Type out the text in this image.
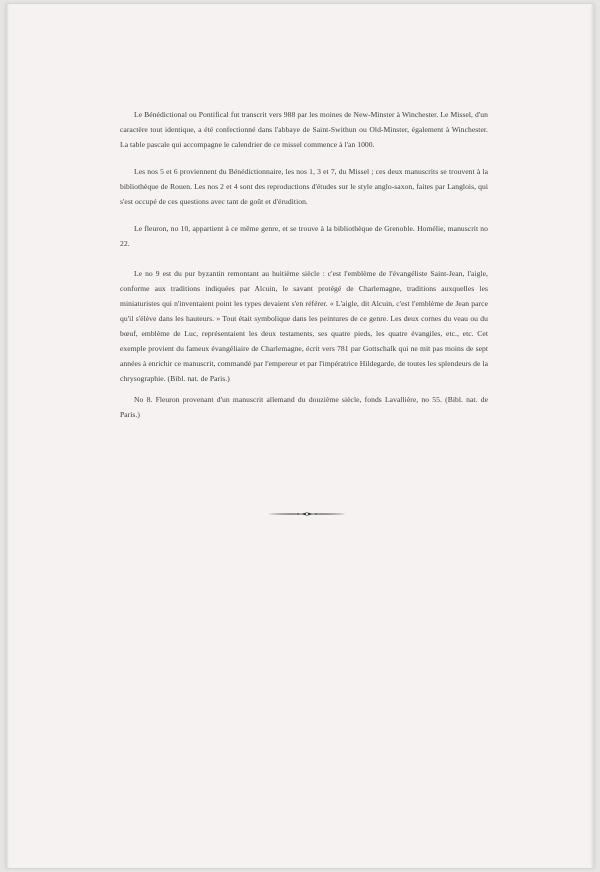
Le Bénédictional ou Pontifical fut transcrit vers 988 par les moines de New-Minster à Winchester. Le Missel, d'un caractère tout identique, a été confectionné dans l'abbaye de Saint-Swithun ou Old-Minster, également à Winchester. La table pascale qui accompagne le calendrier de ce missel commence à l'an 1000.

Les nos 5 et 6 proviennent du Bénédictionnaire, les nos 1, 3 et 7, du Missel ; ces deux manuscrits se trouvent à la bibliothèque de Rouen. Les nos 2 et 4 sont des reproductions d'études sur le style anglo-saxon, faites par Langlois, qui s'est occupé de ces questions avec tant de goût et d'érudition.

Le fleuron, no 10, appartient à ce même genre, et se trouve à la bibliothèque de Grenoble. Homélie, manuscrit no 22.

Le no 9 est du pur byzantin remontant au huitième siècle : c'est l'emblème de l'évangéliste Saint-Jean, l'aigle, conforme aux traditions indiquées par Alcuin, le savant protégé de Charlemagne, traditions auxquelles les miniaturistes qui n'inventaient point les types devaient s'en référer. « L'aigle, dit Alcuin, c'est l'emblème de Jean parce qu'il s'élève dans les hauteurs. » Tout était symbolique dans les peintures de ce genre. Les deux cornes du veau ou du bœuf, emblème de Luc, représentaient les deux testaments, ses quatre pieds, les quatre évangiles, etc., etc. Cet exemple provient du fameux évangéliaire de Charlemagne, écrit vers 781 par Gottschalk qui ne mit pas moins de sept années à enrichir ce manuscrit, commandé par l'empereur et par l'impératrice Hildegarde, de toutes les splendeurs de la chrysographie. (Bibl. nat. de Paris.)

No 8. Fleuron provenant d'un manuscrit allemand du douzième siècle, fonds Lavallière, no 55. (Bibl. nat. de Paris.)
